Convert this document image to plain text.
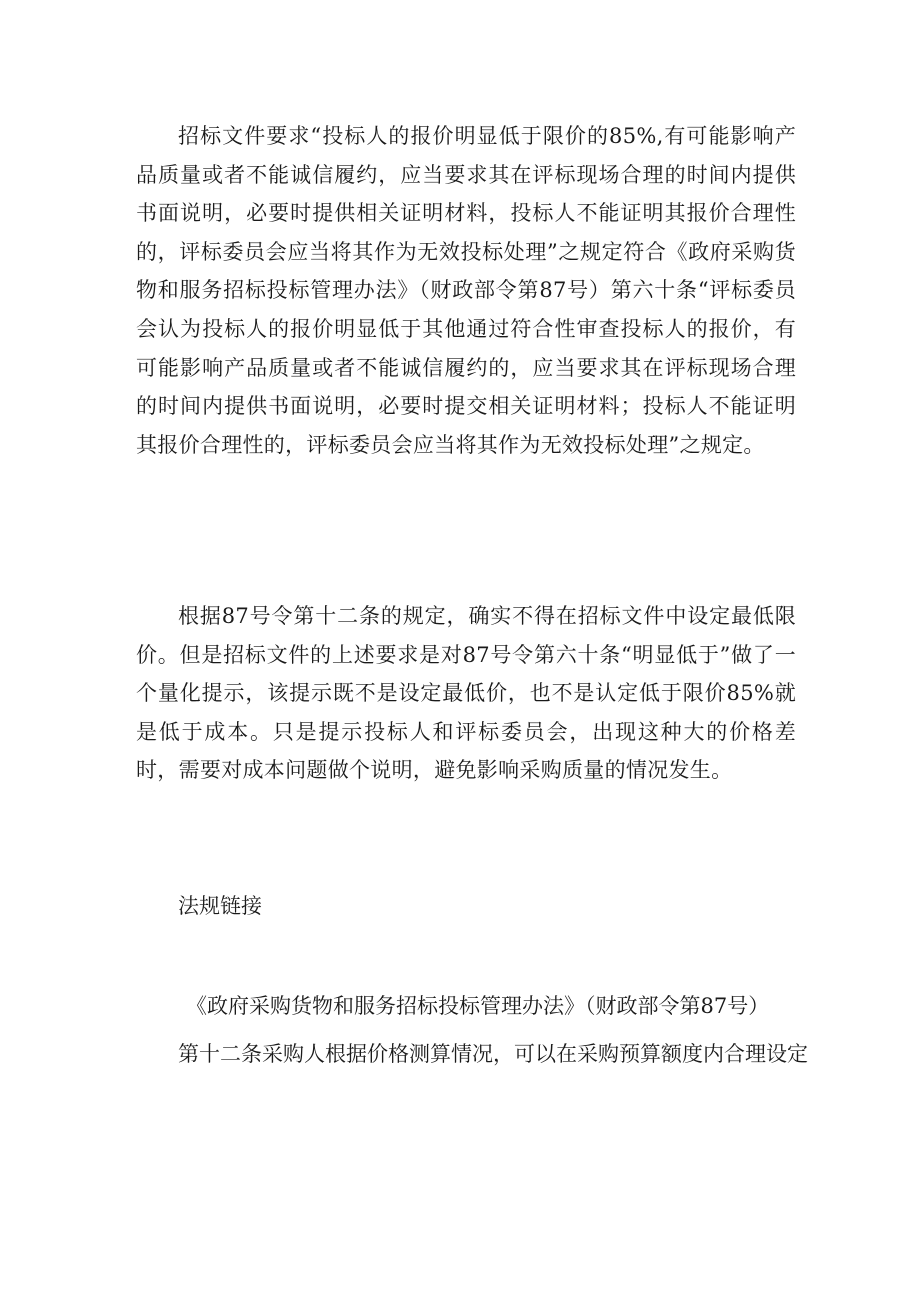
招标文件要求“投标人的报价明显低于限价的85%,有可能影响产品质量或者不能诚信履约，应当要求其在评标现场合理的时间内提供书面说明，必要时提供相关证明材料，投标人不能证明其报价合理性的，评标委员会应当将其作为无效投标处理”之规定符合《政府采购货物和服务招标投标管理办法》（财政部令第87号）第六十条“评标委员会认为投标人的报价明显低于其他通过符合性审查投标人的报价，有可能影响产品质量或者不能诚信履约的，应当要求其在评标现场合理的时间内提供书面说明，必要时提交相关证明材料；投标人不能证明其报价合理性的，评标委员会应当将其作为无效投标处理”之规定。

根据87号令第十二条的规定，确实不得在招标文件中设定最低限价。但是招标文件的上述要求是对87号令第六十条“明显低于”做了一个量化提示，该提示既不是设定最低价，也不是认定低于限价85%就是低于成本。只是提示投标人和评标委员会，出现这种大的价格差时，需要对成本问题做个说明，避免影响采购质量的情况发生。

法规链接

《政府采购货物和服务招标投标管理办法》（财政部令第87号）

第十二条采购人根据价格测算情况，可以在采购预算额度内合理设定
